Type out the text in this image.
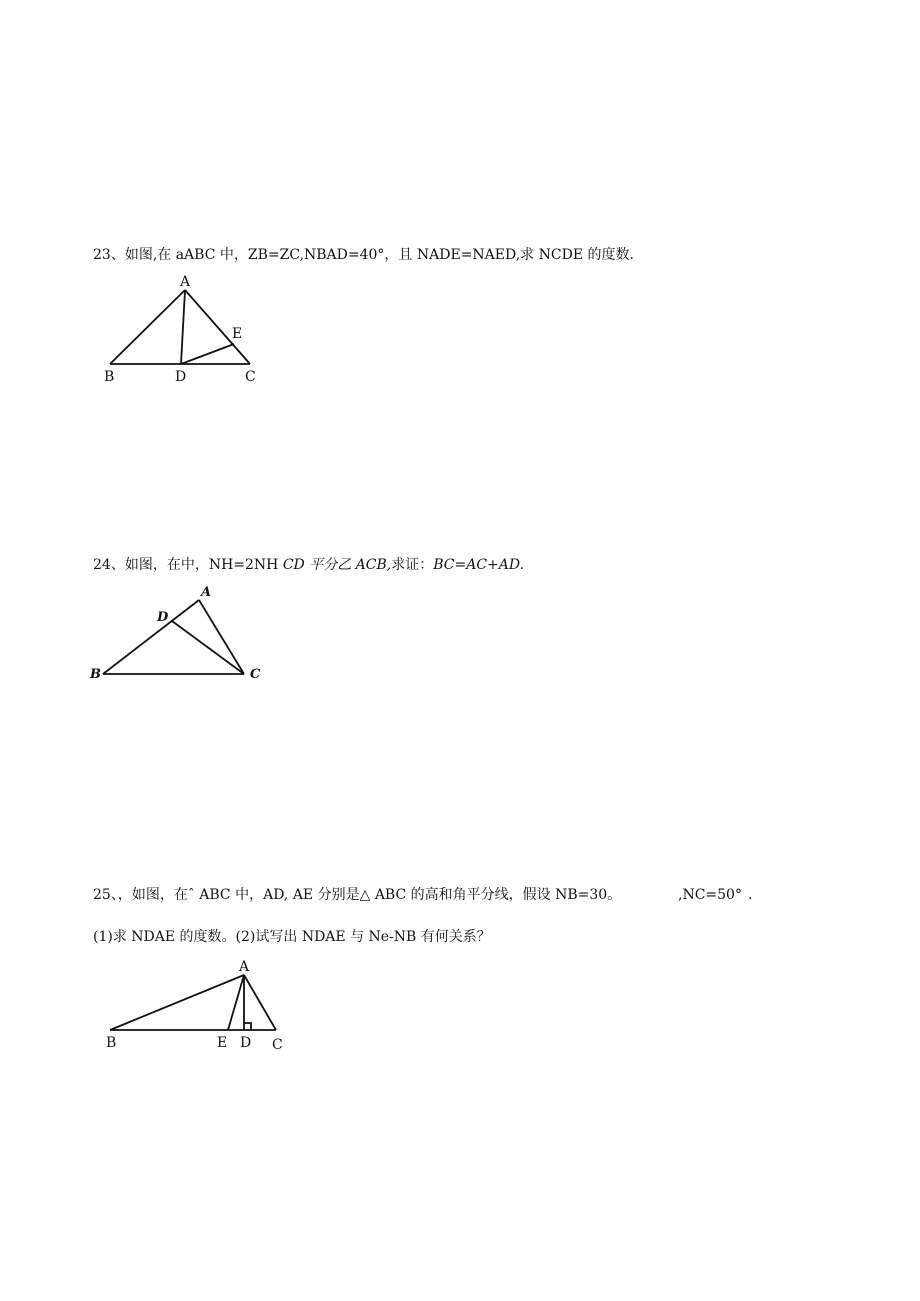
23、如图,在 aABC 中，ZB=ZC,NBAD=40°，且 NADE=NAED,求 NCDE 的度数.
A
E
B	D	C
24、如图，在中，NH=2NH CD 平分乙 ACB,求证：BC=AC+AD.
A
D
B	C
25、，如图，在ˆ ABC 中，AD, AE 分别是△ ABC 的高和角平分线，假设 NB=30。	,NC=50° .
(1)求 NDAE 的度数。(2)试写出 NDAE 与 Ne-NB 有何关系？
A
B	E D C
